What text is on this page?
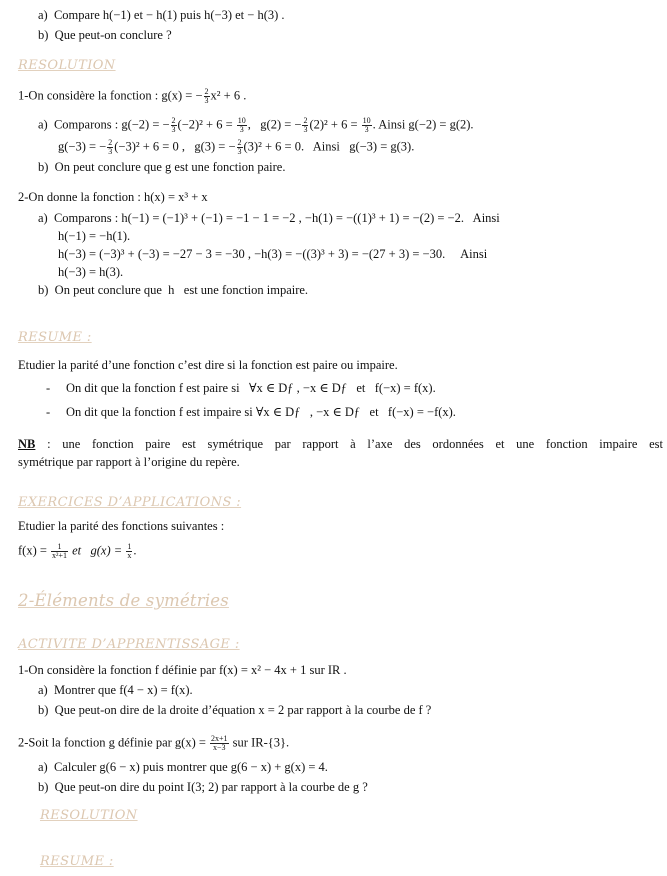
a) Compare h(−1) et − h(1) puis h(−3) et − h(3) .
b) Que peut-on conclure ?
RESOLUTION
1-On considère la fonction : g(x) = − $\frac{2}{3} x^2 + 6$ .
a) Comparons : g(−2) = − $\frac{2}{3} (-2)^2 + 6 = \frac{10}{3}$ ,  g(2) = − $\frac{2}{3} (2)^2 + 6 = \frac{10}{3}$ . Ainsi g(−2) = g(2).
g(−3) = − $\frac{2}{3} (-3)^2 + 6 = 0$ ,  g(3) = − $\frac{2}{3} (3)^2 + 6 = 0$.  Ainsi  g(−3) = g(3).
b) On peut conclure que g est une fonction paire.
2-On donne la fonction : h(x) = x³ + x
a) Comparons : h(−1) = (−1)³ + (−1) = −1 − 1 = −2 , −h(1) = −((1)³ + 1) = −(2) = −2.  Ainsi
h(−1) = −h(1).
h(−3) = (−3)³ + (−3) = −27 − 3 = −30 , −h(3) = −((3)³ + 3) = −(27 + 3) = −30.   Ainsi
h(−3) = h(3).
b) On peut conclure que h  est une fonction impaire.
RESUME :
Etudier la parité d’une fonction c’est dire si la fonction est paire ou impaire.
- On dit que la fonction f est paire si  ∀x ∈ Dƒ , −x ∈ Dƒ  et  f(−x) = f(x).
- On dit que la fonction f est impaire si ∀x ∈ Dƒ  , −x ∈ Dƒ  et  f(−x) = −f(x).
NB : une fonction paire est symétrique par rapport à l’axe des ordonnées et une fonction impaire est
symétrique par rapport à l’origine du repère.
EXERCICES D’APPLICATIONS :
Etudier la parité des fonctions suivantes :
$f(x) = \frac{1}{\text{x²+1}}$ et  $g(x) = \frac{1}{x}$ .
2-Éléments de symétries
ACTIVITE D’APPRENTISSAGE :
1-On considère la fonction f définie par f(x) = x² − 4x + 1 sur IR .
a) Montrer que f(4 − x) = f(x).
b) Que peut-on dire de la droite d’équation x = 2 par rapport à la courbe de f ?
2-Soit la fonction g définie par $g(x) = \frac{2x+1}{x-3}$ sur IR-{3}.
a) Calculer g(6 − x) puis montrer que g(6 − x) + g(x) = 4.
b) Que peut-on dire du point I(3; 2) par rapport à la courbe de g ?
RESOLUTION
RESUME :
